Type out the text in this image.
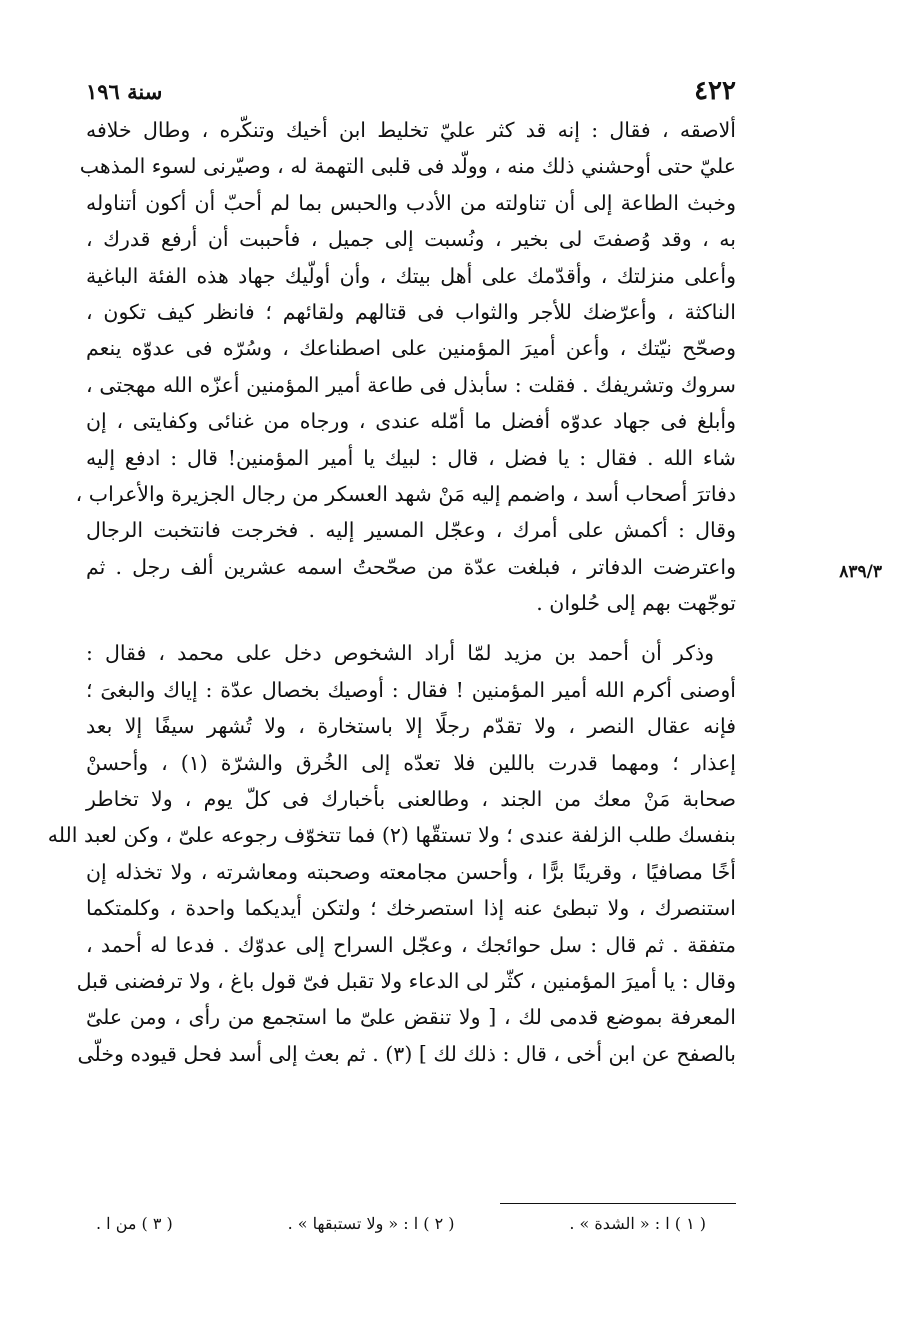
٤٢٢
سنة ١٩٦
ألاصقه ، فقال : إنه قد كثر عليّ تخليط ابن أخيك وتنكّره ، وطال خلافه
عليّ حتى أوحشني ذلك منه ، وولّد فى قلبى التهمة له ، وصيّرنى لسوء المذهب
وخبث الطاعة إلى أن تناولته من الأدب والحبس بما لم أحبّ أن أكون أتناوله
به ، وقد وُصفتَ لى بخير ، ونُسبت إلى جميل ، فأحببت أن أرفع قدرك ،
وأعلى منزلتك ، وأقدّمك على أهل بيتك ، وأن أولّيك جهاد هذه الفئة الباغية
الناكثة ، وأعرّضك للأجر والثواب فى قتالهم ولقائهم ؛ فانظر كيف تكون ،
وصحّح نيّتك ، وأعن أميرَ المؤمنين على اصطناعك ، وسُرّه فى عدوّه ينعم
سروك وتشريفك . فقلت : سأبذل فى طاعة أمير المؤمنين أعزّه الله مهجتى ،
وأبلغ فى جهاد عدوّه أفضل ما أمّله عندى ، ورجاه من غنائى وكفايتى ، إن
شاء الله . فقال : يا فضل ، قال : لبيك يا أمير المؤمنين! قال : ادفع إليه
دفاترَ أصحاب أسد ، واضمم إليه مَنْ شهد العسكر من رجال الجزيرة والأعراب ،
وقال : أكمش على أمرك ، وعجّل المسير إليه . فخرجت فانتخبت الرجال
واعترضت الدفاتر ، فبلغت عدّة من صحّحتُ اسمه عشرين ألف رجل . ثم
توجّهت بهم إلى حُلوان .
وذكر أن أحمد بن مزيد لمّا أراد الشخوص دخل على محمد ، فقال :
أوصنى أكرم الله أمير المؤمنين ! فقال : أوصيك بخصال عدّة : إياك والبغىَ ؛
فإنه عقال النصر ، ولا تقدّم رجلًا إلا باستخارة ، ولا تُشهر سيفًا إلا بعد
إعذار ؛ ومهما قدرت باللين فلا تعدّه إلى الخُرق والشرّة (١) ، وأحسنْ
صحابة مَنْ معك من الجند ، وطالعنى بأخبارك فى كلّ يوم ، ولا تخاطر
بنفسك طلب الزلفة عندى ؛ ولا تستقّها (٢) فما تتخوّف رجوعه علىّ ، وكن لعبد الله
أخًا مصافيًا ، وقرينًا برًّا ، وأحسن مجامعته وصحبته ومعاشرته ، ولا تخذله إن
استنصرك ، ولا تبطئ عنه إذا استصرخك ؛ ولتكن أيديكما واحدة ، وكلمتكما
متفقة . ثم قال : سل حوائجك ، وعجّل السراح إلى عدوّك . فدعا له أحمد ،
وقال : يا أميرَ المؤمنين ، كثّر لى الدعاء ولا تقبل فىّ قول باغ ، ولا ترفضنى قبل
المعرفة بموضع قدمى لك ، [ ولا تنقض علىّ ما استجمع من رأى ، ومن علىّ
بالصفح عن ابن أخى ، قال : ذلك لك ] (٣) . ثم بعث إلى أسد فحل قيوده وخلّى
٨٣٩/٣
( ١ ) ا : « الشدة » .
( ٢ ) ا : « ولا تستبقها » .
( ٣ ) من ا .
